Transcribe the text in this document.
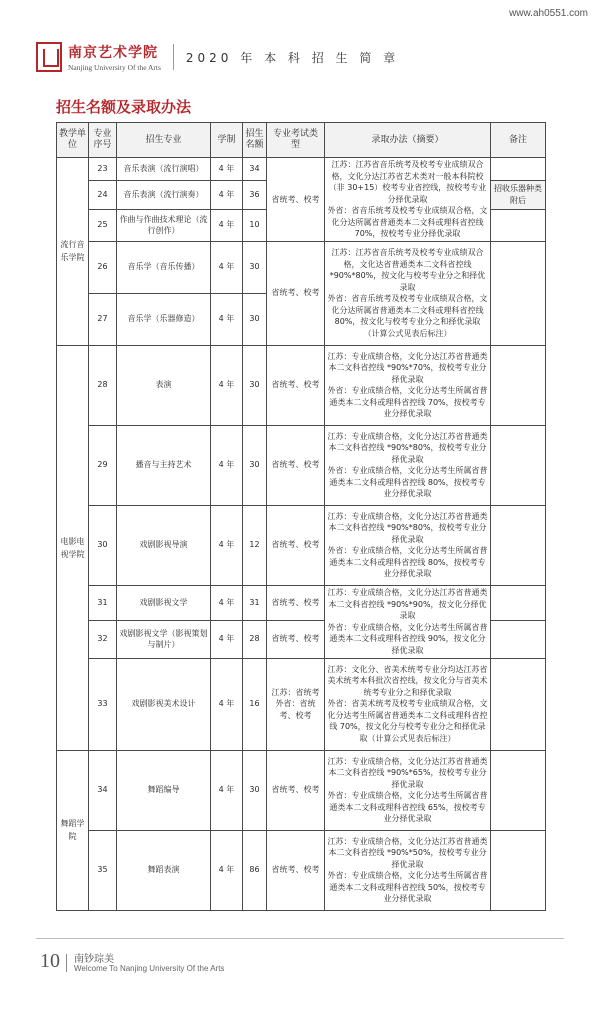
www.ah0551.com
南京艺术学院
Nanjing University Of the Arts
2020 年 本 科 招 生 简 章
招生名额及录取办法
教学单位	专业序号	招生专业	学制	招生名额	专业考试类型	录取办法（摘要）	备注
流行音乐学院	23	音乐表演（流行演唱）	4 年	34	省统考、校考	江苏：江苏省音乐统考及校考专业成绩双合格，文化分达江苏省艺术类对一般本科院校（非 30+15）校考专业省控线，按校考专业分择优录取
外省：省音乐统考及校考专业成绩双合格，文化分达所属省普通类本二文科或理科省控线 70%，按校考专业分择优录取	
	24	音乐表演（流行演奏）	4 年	36			招收乐器种类附后
	25	作曲与作曲技术理论（流行创作）	4 年	10			
	26	音乐学（音乐传播）	4 年	30	省统考、校考	江苏：江苏省音乐统考及校考专业成绩双合格，文化达省普通类本二文科省控线 *90%*80%，按文化与校考专业分之和择优录取
外省：省音乐统考及校考专业成绩双合格，文化分达所属省普通类本二文科或理科省控线 80%，按文化与校考专业分之和择优录取（计算公式见表后标注）	
	27	音乐学（乐器修造）	4 年	30			
电影电视学院	28	表演	4 年	30	省统考、校考	江苏：专业成绩合格，文化分达江苏省普通类本二文科省控线 *90%*70%，按校考专业分择优录取
外省：专业成绩合格，文化分达考生所属省普通类本二文科或理科省控线 70%，按校考专业分择优录取	
	29	播音与主持艺术	4 年	30	省统考、校考	江苏：专业成绩合格，文化分达江苏省普通类本二文科省控线 *90%*80%，按校考专业分择优录取
外省：专业成绩合格，文化分达考生所属省普通类本二文科或理科省控线 80%，按校考专业分择优录取	
	30	戏剧影视导演	4 年	12	省统考、校考	江苏：专业成绩合格，文化分达江苏省普通类本二文科省控线 *90%*80%，按校考专业分择优录取
外省：专业成绩合格，文化分达考生所属省普通类本二文科或理科省控线 80%，按校考专业分择优录取	
	31	戏剧影视文学	4 年	31	省统考、校考	江苏：专业成绩合格，文化分达江苏省普通类本二文科省控线 *90%*90%，按文化分择优录取
外省：专业成绩合格，文化分达考生所属省普通类本二文科或理科省控线 90%，按文化分择优录取	
	32	戏剧影视文学（影视策划与制片）	4 年	28	省统考、校考		
	33	戏剧影视美术设计	4 年	16	江苏：省统考外省：省统考、校考	江苏：文化分、省美术统考专业分均达江苏省美术统考本科批次省控线，按文化分与省美术统考专业分之和择优录取
外省：省美术统考及校考专业成绩双合格，文化分达考生所属省普通类本二文科或理科省控线 70%，按文化分与校考专业分之和择优录取（计算公式见表后标注）	
舞蹈学院	34	舞蹈编导	4 年	30	省统考、校考	江苏：专业成绩合格，文化分达江苏省普通类本二文科省控线 *90%*65%，按校考专业分择优录取
外省：专业成绩合格，文化分达考生所属省普通类本二文科或理科省控线 65%，按校考专业分择优录取	
	35	舞蹈表演	4 年	86	省统考、校考	江苏：专业成绩合格，文化分达江苏省普通类本二文科省控线 *90%*50%，按校考专业分择优录取
外省：专业成绩合格，文化分达考生所属省普通类本二文科或理科省控线 50%，按校考专业分择优录取	
10 南钞琮美
Welcome To Nanjing University Of the Arts
